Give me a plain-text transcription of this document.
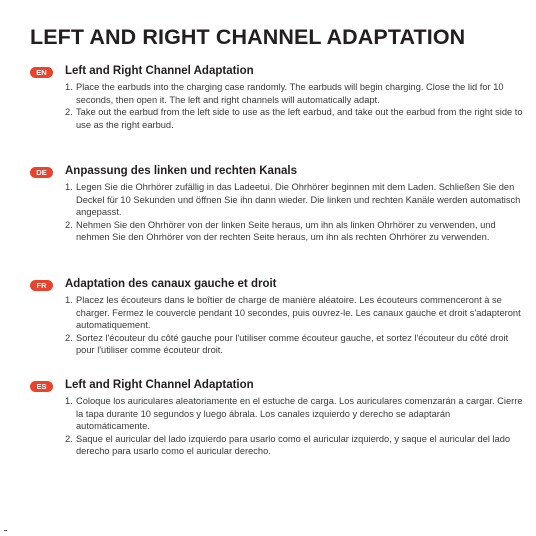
LEFT AND RIGHT CHANNEL ADAPTATION
EN	Left and Right Channel Adaptation
1. Place the earbuds into the charging case randomly. The earbuds will begin charging. Close the lid for 10 seconds, then open it. The left and right channels will automatically adapt.
2. Take out the earbud from the left side to use as the left earbud, and take out the earbud from the right side to use as the right earbud.
DE	Anpassung des linken und rechten Kanals
1. Legen Sie die Ohrhörer zufällig in das Ladeetui. Die Ohrhörer beginnen mit dem Laden. Schließen Sie den Deckel für 10 Sekunden und öffnen Sie ihn dann wieder. Die linken und rechten Kanäle werden automatisch angepasst.
2. Nehmen Sie den Ohrhörer von der linken Seite heraus, um ihn als linken Ohrhörer zu verwenden, und nehmen Sie den Ohrhörer von der rechten Seite heraus, um ihn als rechten Ohrhörer zu verwenden.
FR	Adaptation des canaux gauche et droit
1. Placez les écouteurs dans le boîtier de charge de manière aléatoire. Les écouteurs commenceront à se charger. Fermez le couvercle pendant 10 secondes, puis ouvrez-le. Les canaux gauche et droit s'adapteront automatiquement.
2. Sortez l'écouteur du côté gauche pour l'utiliser comme écouteur gauche, et sortez l'écouteur du côté droit pour l'utiliser comme écouteur droit.
ES	Left and Right Channel Adaptation
1. Coloque los auriculares aleatoriamente en el estuche de carga. Los auriculares comenzarán a cargar. Cierre la tapa durante 10 segundos y luego ábrala. Los canales izquierdo y derecho se adaptarán automáticamente.
2. Saque el auricular del lado izquierdo para usarlo como el auricular izquierdo, y saque el auricular del lado derecho para usarlo como el auricular derecho.
